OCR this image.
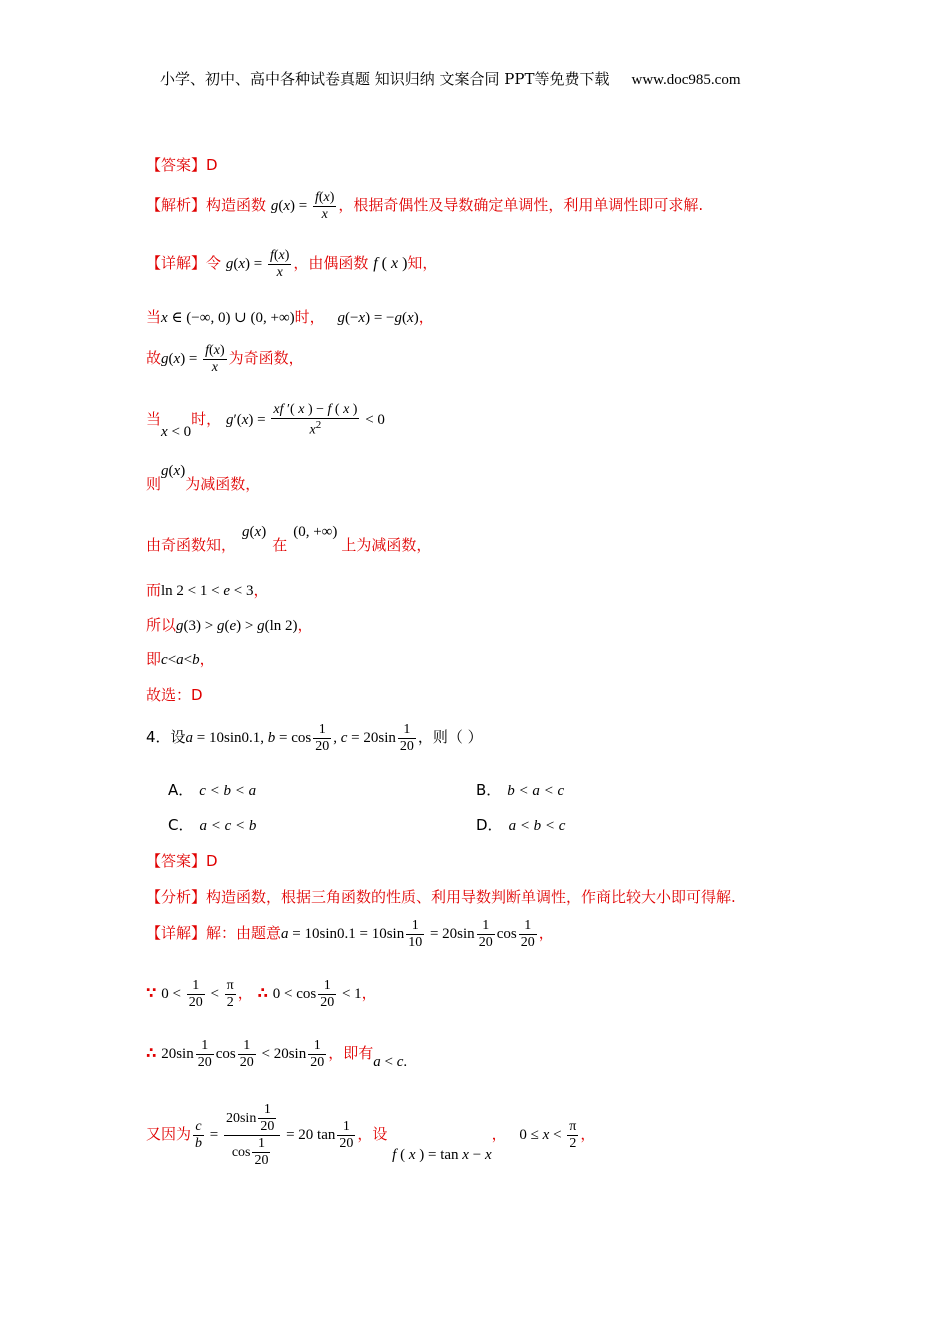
小学、初中、高中各种试卷真题 知识归纳 文案合同 PPT等免费下载 www.doc985.com
【答案】D
【解析】构造函数 $g(x) = \frac{f(x)}{x}$ ，根据奇偶性及导数确定单调性，利用单调性即可求解.
【详解】令 $g(x) = \frac{f(x)}{x}$ ，由偶函数 f ( x )知，
当x ∈ (−∞, 0) ∪ (0, +∞)时， g(−x) = −g(x)，
故$g(x) = \frac{f(x)}{x}$ 为奇函数，
当x < 0时， $g'(x) = \frac{xf '( x ) - f ( x )}{x^2} < 0$
则g(x)为减函数，
由奇函数知，g(x)在(0, +∞)上为减函数，
而ln 2 < 1 < e < 3，
所以g(3) > g(e) > g(ln 2)，
即c<a<b，
故选：D
4．设a = 10sin0.1, $b = \cos \frac{1}{20}$ , $c = 20\sin \frac{1}{20}$ ，则（ ）
A． c < b < a	B． b < a < c
C． a < c < b	D． a < b < c
【答案】D
【分析】构造函数，根据三角函数的性质、利用导数判断单调性，作商比较大小即可得解.
【详解】解：由题意$a = 10\sin 0.1 = 10\sin \frac{1}{10} = 20\sin \frac{1}{20}$ $\cos \frac{1}{20}$ ，
∵ $0 < \frac{1}{20} < \frac{\pi}{2}$ ， ∴ $0 < \cos \frac{1}{20} < 1$，
∴ $20\sin \frac{1}{20}$ $\cos \frac{1}{20} < 20\sin \frac{1}{20}$ ，即有a < c.
又因为 $\frac{c}{b} = \frac{20\sin \frac{1}{20}}{\cos \frac{1}{20}} = 20$ $\tan \frac{1}{20}$ ，设 f ( x ) = tan x − x， $0 \le x < \frac{\pi}{2}$ ，
